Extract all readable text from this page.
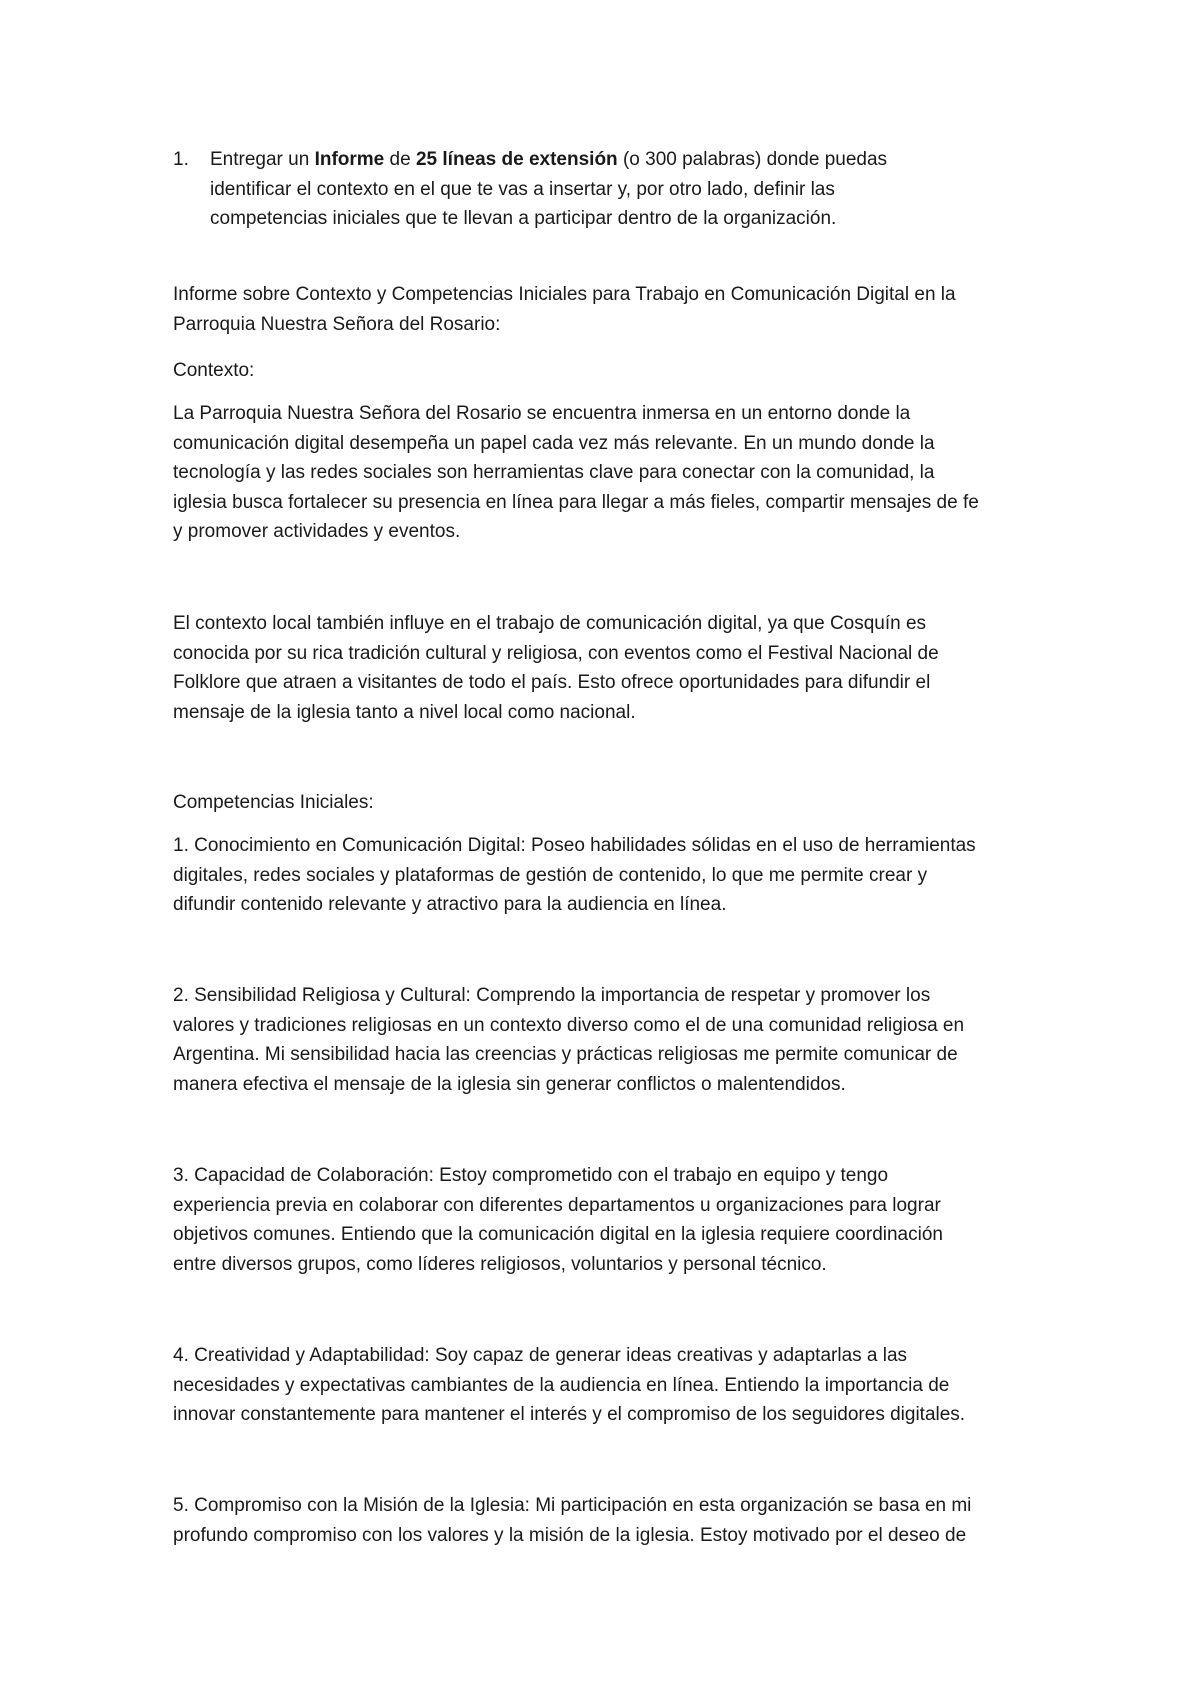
1. Entregar un Informe de 25 líneas de extensión (o 300 palabras) donde puedas
identificar el contexto en el que te vas a insertar y, por otro lado, definir las
competencias iniciales que te llevan a participar dentro de la organización.
Informe sobre Contexto y Competencias Iniciales para Trabajo en Comunicación Digital en la
Parroquia Nuestra Señora del Rosario:
Contexto:
La Parroquia Nuestra Señora del Rosario se encuentra inmersa en un entorno donde la
comunicación digital desempeña un papel cada vez más relevante. En un mundo donde la
tecnología y las redes sociales son herramientas clave para conectar con la comunidad, la
iglesia busca fortalecer su presencia en línea para llegar a más fieles, compartir mensajes de fe
y promover actividades y eventos.
El contexto local también influye en el trabajo de comunicación digital, ya que Cosquín es
conocida por su rica tradición cultural y religiosa, con eventos como el Festival Nacional de
Folklore que atraen a visitantes de todo el país. Esto ofrece oportunidades para difundir el
mensaje de la iglesia tanto a nivel local como nacional.
Competencias Iniciales:
1. Conocimiento en Comunicación Digital: Poseo habilidades sólidas en el uso de herramientas
digitales, redes sociales y plataformas de gestión de contenido, lo que me permite crear y
difundir contenido relevante y atractivo para la audiencia en línea.
2. Sensibilidad Religiosa y Cultural: Comprendo la importancia de respetar y promover los
valores y tradiciones religiosas en un contexto diverso como el de una comunidad religiosa en
Argentina. Mi sensibilidad hacia las creencias y prácticas religiosas me permite comunicar de
manera efectiva el mensaje de la iglesia sin generar conflictos o malentendidos.
3. Capacidad de Colaboración: Estoy comprometido con el trabajo en equipo y tengo
experiencia previa en colaborar con diferentes departamentos u organizaciones para lograr
objetivos comunes. Entiendo que la comunicación digital en la iglesia requiere coordinación
entre diversos grupos, como líderes religiosos, voluntarios y personal técnico.
4. Creatividad y Adaptabilidad: Soy capaz de generar ideas creativas y adaptarlas a las
necesidades y expectativas cambiantes de la audiencia en línea. Entiendo la importancia de
innovar constantemente para mantener el interés y el compromiso de los seguidores digitales.
5. Compromiso con la Misión de la Iglesia: Mi participación en esta organización se basa en mi
profundo compromiso con los valores y la misión de la iglesia. Estoy motivado por el deseo de
